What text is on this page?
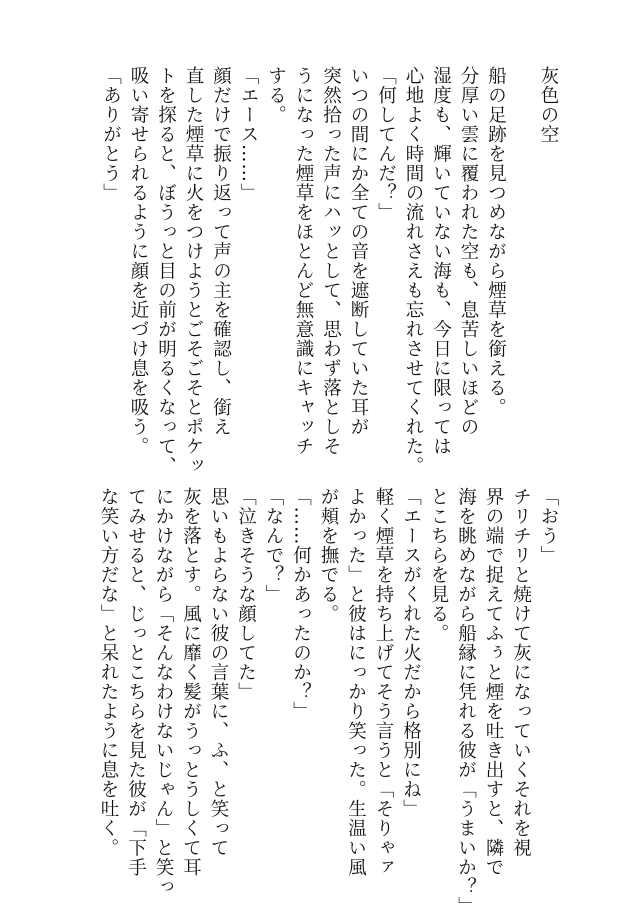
灰色の空
船の足跡を見つめながら煙草を銜える。
分厚い雲に覆われた空も、息苦しいほどの
湿度も、輝いていない海も、今日に限っては
心地よく時間の流れさえも忘れさせてくれた。
「何してんだ？」
いつの間にか全ての音を遮断していた耳が
突然拾った声にハッとして、思わず落としそ
うになった煙草をほとんど無意識にキャッチ
する。
「エース……」
顔だけで振り返って声の主を確認し、銜え
直した煙草に火をつけようとごそごそとポケッ
トを探ると、ぼうっと目の前が明るくなって、
吸い寄せられるように顔を近づけ息を吸う。
「ありがとう」
「おう」
チリチリと焼けて灰になっていくそれを視
界の端で捉えてふぅと煙を吐き出すと、隣で
海を眺めながら船縁に凭れる彼が「うまいか？」
とこちらを見る。
「エースがくれた火だから格別にね」
軽く煙草を持ち上げてそう言うと「そりゃァ
よかった」と彼はにっかり笑った。生温い風
が頬を撫でる。
「……何かあったのか？」
「なんで？」
「泣きそうな顔してた」
思いもよらない彼の言葉に、ふ、と笑って
灰を落とす。風に靡く髪がうっとうしくて耳
にかけながら「そんなわけないじゃん」と笑っ
てみせると、じっとこちらを見た彼が「下手
な笑い方だな」と呆れたように息を吐く。
